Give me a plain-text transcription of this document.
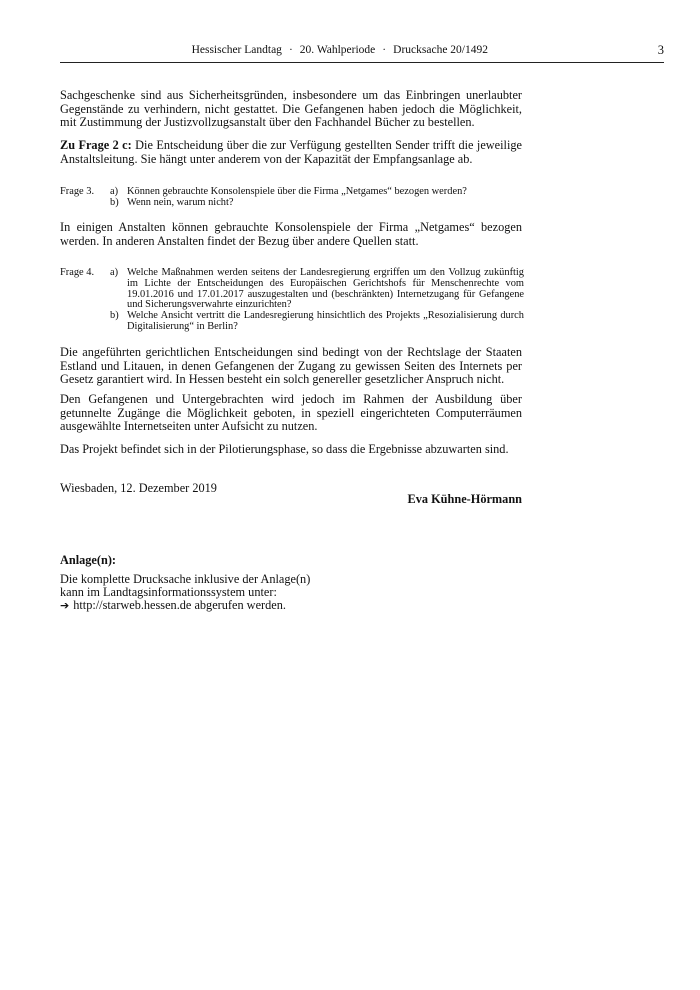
Hessischer Landtag · 20. Wahlperiode · Drucksache 20/1492	3

Sachgeschenke sind aus Sicherheitsgründen, insbesondere um das Einbringen unerlaubter Gegenstände zu verhindern, nicht gestattet. Die Gefangenen haben jedoch die Möglichkeit, mit Zustimmung der Justizvollzugsanstalt über den Fachhandel Bücher zu bestellen.

Zu Frage 2 c: Die Entscheidung über die zur Verfügung gestellten Sender trifft die jeweilige Anstaltsleitung. Sie hängt unter anderem von der Kapazität der Empfangsanlage ab.

Frage 3.	a) Können gebrauchte Konsolenspiele über die Firma „Netgames“ bezogen werden?
b) Wenn nein, warum nicht?

In einigen Anstalten können gebrauchte Konsolenspiele der Firma „Netgames“ bezogen werden. In anderen Anstalten findet der Bezug über andere Quellen statt.

Frage 4.	a) Welche Maßnahmen werden seitens der Landesregierung ergriffen um den Vollzug zukünftig im Lichte der Entscheidungen des Europäischen Gerichtshofs für Menschenrechte vom 19.01.2016 und 17.01.2017 auszugestalten und (beschränkten) Internetzugang für Gefangene und Sicherungsverwahrte einzurichten?
b) Welche Ansicht vertritt die Landesregierung hinsichtlich des Projekts „Resozialisierung durch Digitalisierung“ in Berlin?

Die angeführten gerichtlichen Entscheidungen sind bedingt von der Rechtslage der Staaten Estland und Litauen, in denen Gefangenen der Zugang zu gewissen Seiten des Internets per Gesetz garantiert wird. In Hessen besteht ein solch genereller gesetzlicher Anspruch nicht.

Den Gefangenen und Untergebrachten wird jedoch im Rahmen der Ausbildung über getunnelte Zugänge die Möglichkeit geboten, in speziell eingerichteten Computerräumen ausgewählte Internetseiten unter Aufsicht zu nutzen.

Das Projekt befindet sich in der Pilotierungsphase, so dass die Ergebnisse abzuwarten sind.

Wiesbaden, 12. Dezember 2019
Eva Kühne-Hörmann
Anlage(n):
Die komplette Drucksache inklusive der Anlage(n)
kann im Landtagsinformationssystem unter:
➔ http://starweb.hessen.de abgerufen werden.
